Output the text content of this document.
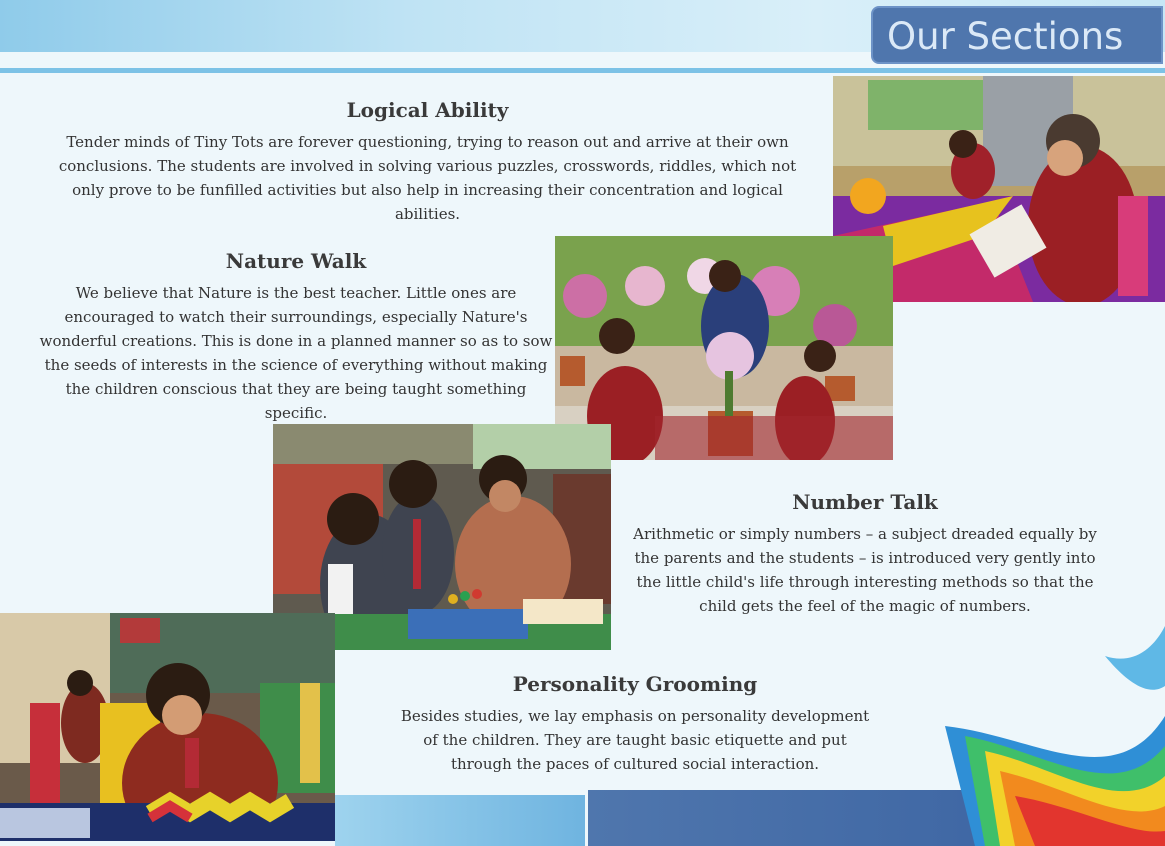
Our Sections
Logical Ability

Tender minds of Tiny Tots are forever questioning, trying to reason out and arrive at their own conclusions. The students are involved in solving various puzzles, crosswords, riddles, which not only prove to be funfilled activities but also help in increasing their concentration and logical abilities.

Nature Walk

We believe that Nature is the best teacher. Little ones are encouraged to watch their surroundings, especially Nature's wonderful creations. This is done in a planned manner so as to sow the seeds of interests in the science of everything without making the children conscious that they are being taught something specific.

Number Talk

Arithmetic or simply numbers – a subject dreaded equally by the parents and the students – is introduced very gently into the little child's life through interesting methods so that the child gets the feel of the magic of numbers.

Personality Grooming

Besides studies, we lay emphasis on personality development of the children. They are taught basic etiquette and put through the paces of cultured social interaction.
